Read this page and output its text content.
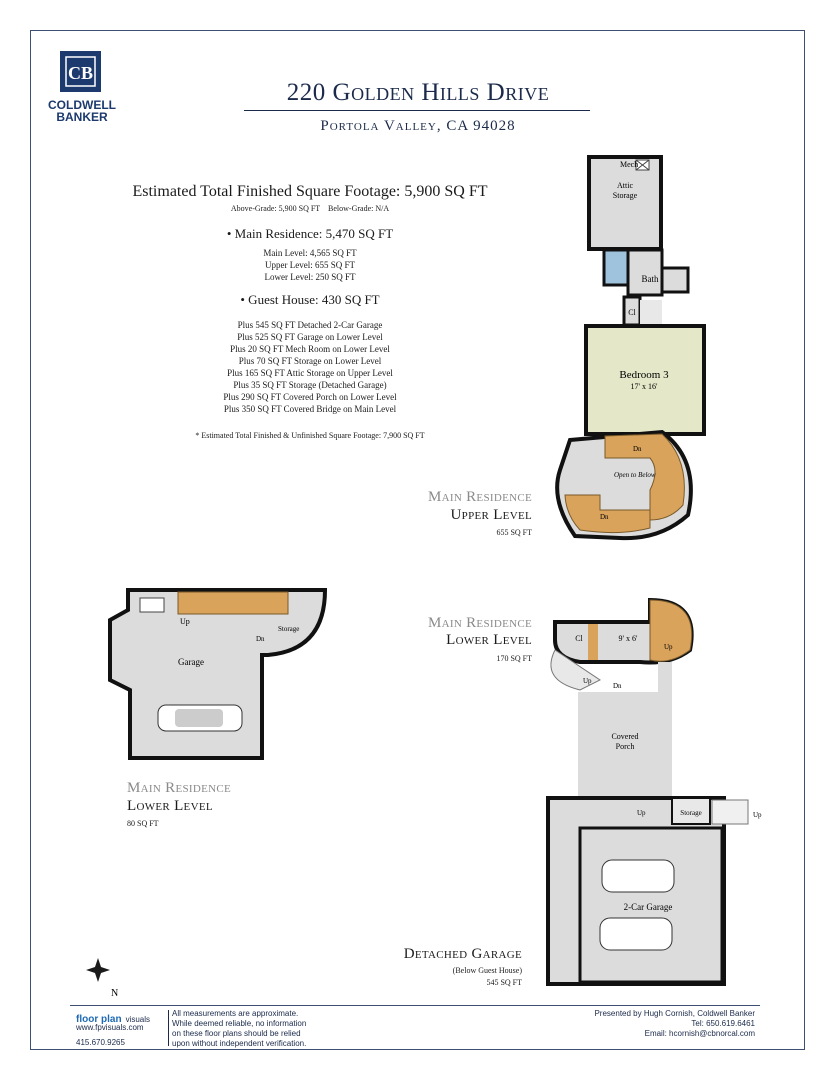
CB
COLDWELL
BANKER
220 Golden Hills Drive
Portola Valley, CA 94028
Estimated Total Finished Square Footage: 5,900 SQ FT
Above-Grade: 5,900 SQ FT    Below-Grade: N/A
• Main Residence: 5,470 SQ FT
Main Level: 4,565 SQ FT
Upper Level: 655 SQ FT
Lower Level: 250 SQ FT
• Guest House: 430 SQ FT
Plus 545 SQ FT Detached 2-Car Garage
Plus 525 SQ FT Garage on Lower Level
Plus 20 SQ FT Mech Room on Lower Level
Plus 70 SQ FT Storage on Lower Level
Plus 165 SQ FT Attic Storage on Upper Level
Plus 35 SQ FT Storage (Detached Garage)
Plus 290 SQ FT Covered Porch on Lower Level
Plus 350 SQ FT Covered Bridge on Main Level
* Estimated Total Finished & Unfinished Square Footage: 7,900 SQ FT
Mech
Attic
Storage
Bath
Cl
Bedroom 3
17' x 16'
Open to Below
Dn
Dn
Up
Dn
Storage
Garage
Cl	9' x 6'
Up
Up
Dn
Covered
Porch
Storage	Up
Up
2-Car Garage
N
Main Residence
Upper Level
655 SQ FT
Main Residence
Lower Level
170 SQ FT
Main Residence
Lower Level
80 SQ FT
Detached Garage
(Below Guest House)
545 SQ FT
floor plan visuals
www.fpvisuals.com
415.670.9265
All measurements are approximate.
While deemed reliable, no information
on these floor plans should be relied
upon without independent verification.
Presented by Hugh Cornish, Coldwell Banker
Tel: 650.619.6461
Email: hcornish@cbnorcal.com
